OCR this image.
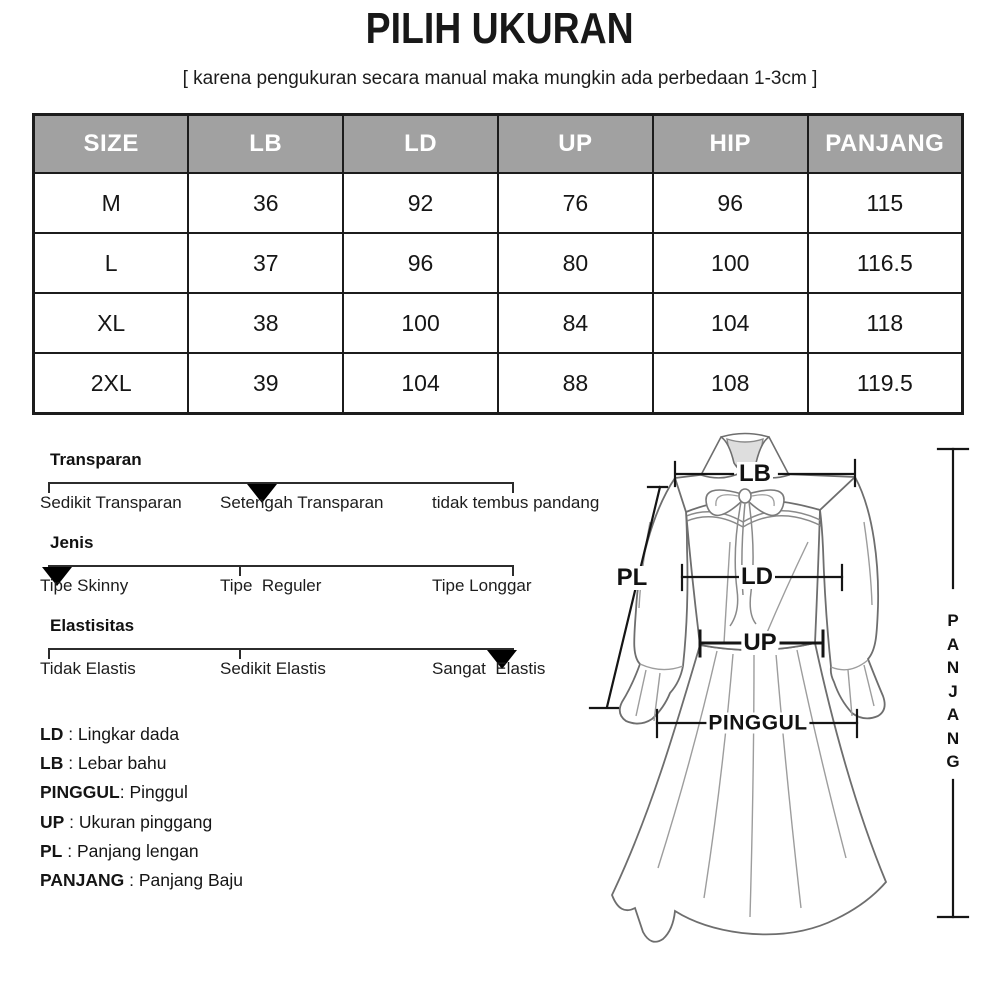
PILIH UKURAN
[ karena pengukuran secara manual maka mungkin ada perbedaan 1-3cm ]
SIZE	LB	LD	UP	HIP	PANJANG
M	36	92	76	96	115
L	37	96	80	100	116.5
XL	38	100	84	104	118
2XL	39	104	88	108	119.5
Transparan
Sedikit Transparan Setengah Transparan	tidak tembus pandang
Jenis
Tipe Skinny	Tipe  Reguler	Tipe Longgar
Elastisitas
Tidak Elastis	Sedikit Elastis	Sangat  Elastis
LD : Lingkar dada
LB : Lebar bahu
PINGGUL: Pinggul
UP : Ukuran pinggang
PL : Panjang lengan
PANJANG : Panjang Baju
LB
PL	LD
UP
PINGGUL
PANJANG
